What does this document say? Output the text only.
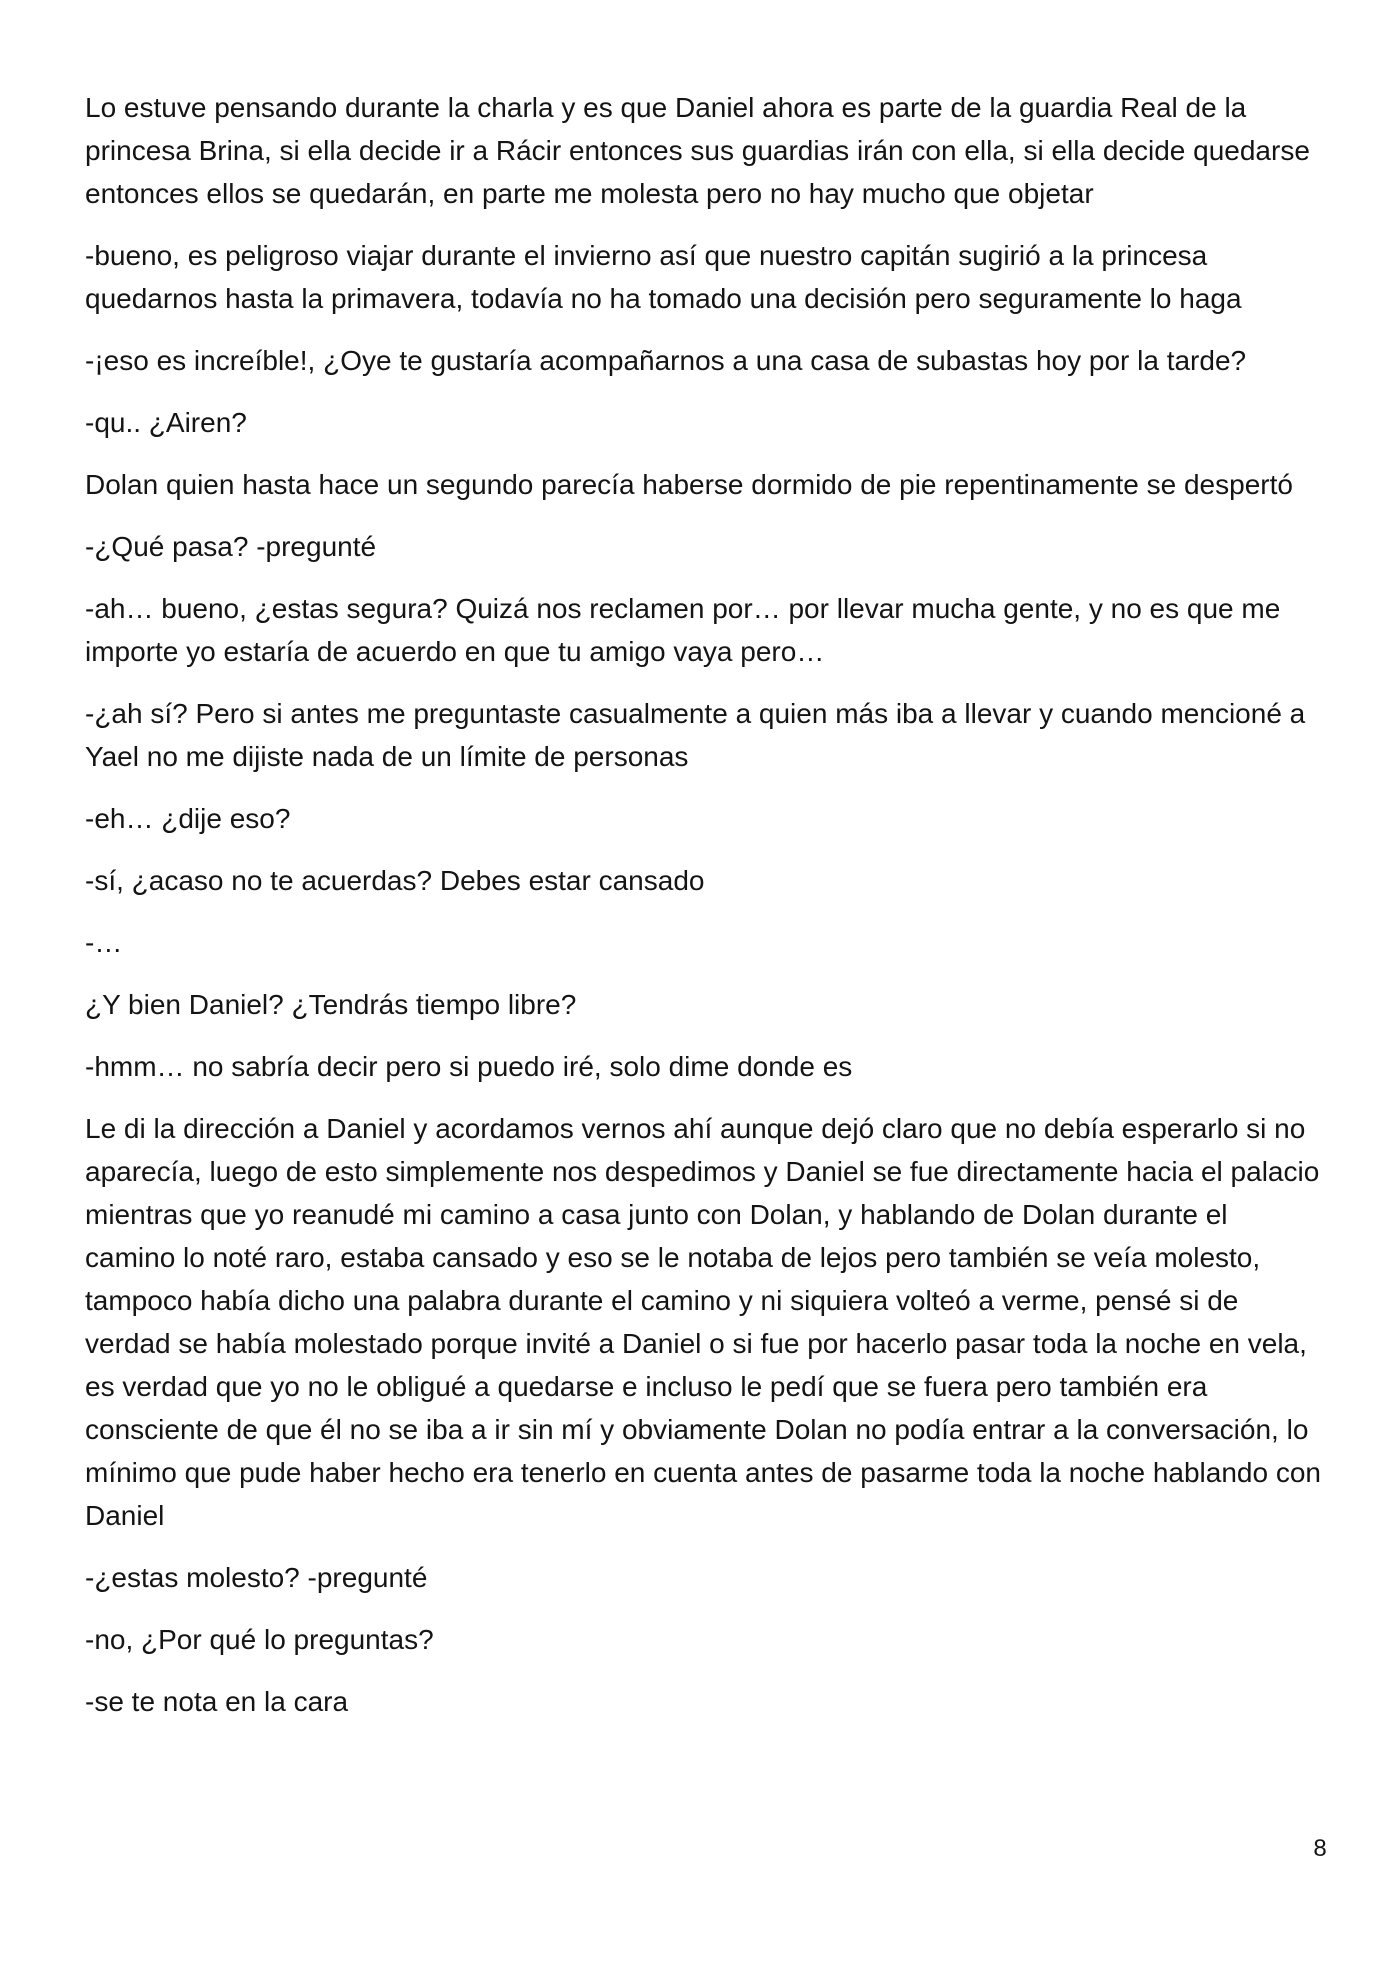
Lo estuve pensando durante la charla y es que Daniel ahora es parte de la guardia Real de la princesa Brina, si ella decide ir a Rácir entonces sus guardias irán con ella, si ella decide quedarse entonces ellos se quedarán, en parte me molesta pero no hay mucho que objetar

-bueno, es peligroso viajar durante el invierno así que nuestro capitán sugirió a la princesa quedarnos hasta la primavera, todavía no ha tomado una decisión pero seguramente lo haga

-¡eso es increíble!, ¿Oye te gustaría acompañarnos a una casa de subastas hoy por la tarde?

-qu.. ¿Airen?

Dolan quien hasta hace un segundo parecía haberse dormido de pie repentinamente se despertó

-¿Qué pasa? -pregunté

-ah… bueno, ¿estas segura? Quizá nos reclamen por… por llevar mucha gente, y no es que me importe yo estaría de acuerdo en que tu amigo vaya pero…

-¿ah sí? Pero si antes me preguntaste casualmente a quien más iba a llevar y cuando mencioné a Yael no me dijiste nada de un límite de personas

-eh… ¿dije eso?

-sí, ¿acaso no te acuerdas? Debes estar cansado

-…

¿Y bien Daniel? ¿Tendrás tiempo libre?

-hmm… no sabría decir pero si puedo iré, solo dime donde es

Le di la dirección a Daniel y acordamos vernos ahí aunque dejó claro que no debía esperarlo si no aparecía, luego de esto simplemente nos despedimos y Daniel se fue directamente hacia el palacio mientras que yo reanudé mi camino a casa junto con Dolan, y hablando de Dolan durante el camino lo noté raro, estaba cansado y eso se le notaba de lejos pero también se veía molesto, tampoco había dicho una palabra durante el camino y ni siquiera volteó a verme, pensé si de verdad se había molestado porque invité a Daniel o si fue por hacerlo pasar toda la noche en vela, es verdad que yo no le obligué a quedarse e incluso le pedí que se fuera pero también era consciente de que él no se iba a ir sin mí y obviamente Dolan no podía entrar a la conversación, lo mínimo que pude haber hecho era tenerlo en cuenta antes de pasarme toda la noche hablando con Daniel

-¿estas molesto? -pregunté

-no, ¿Por qué lo preguntas?

-se te nota en la cara

8
